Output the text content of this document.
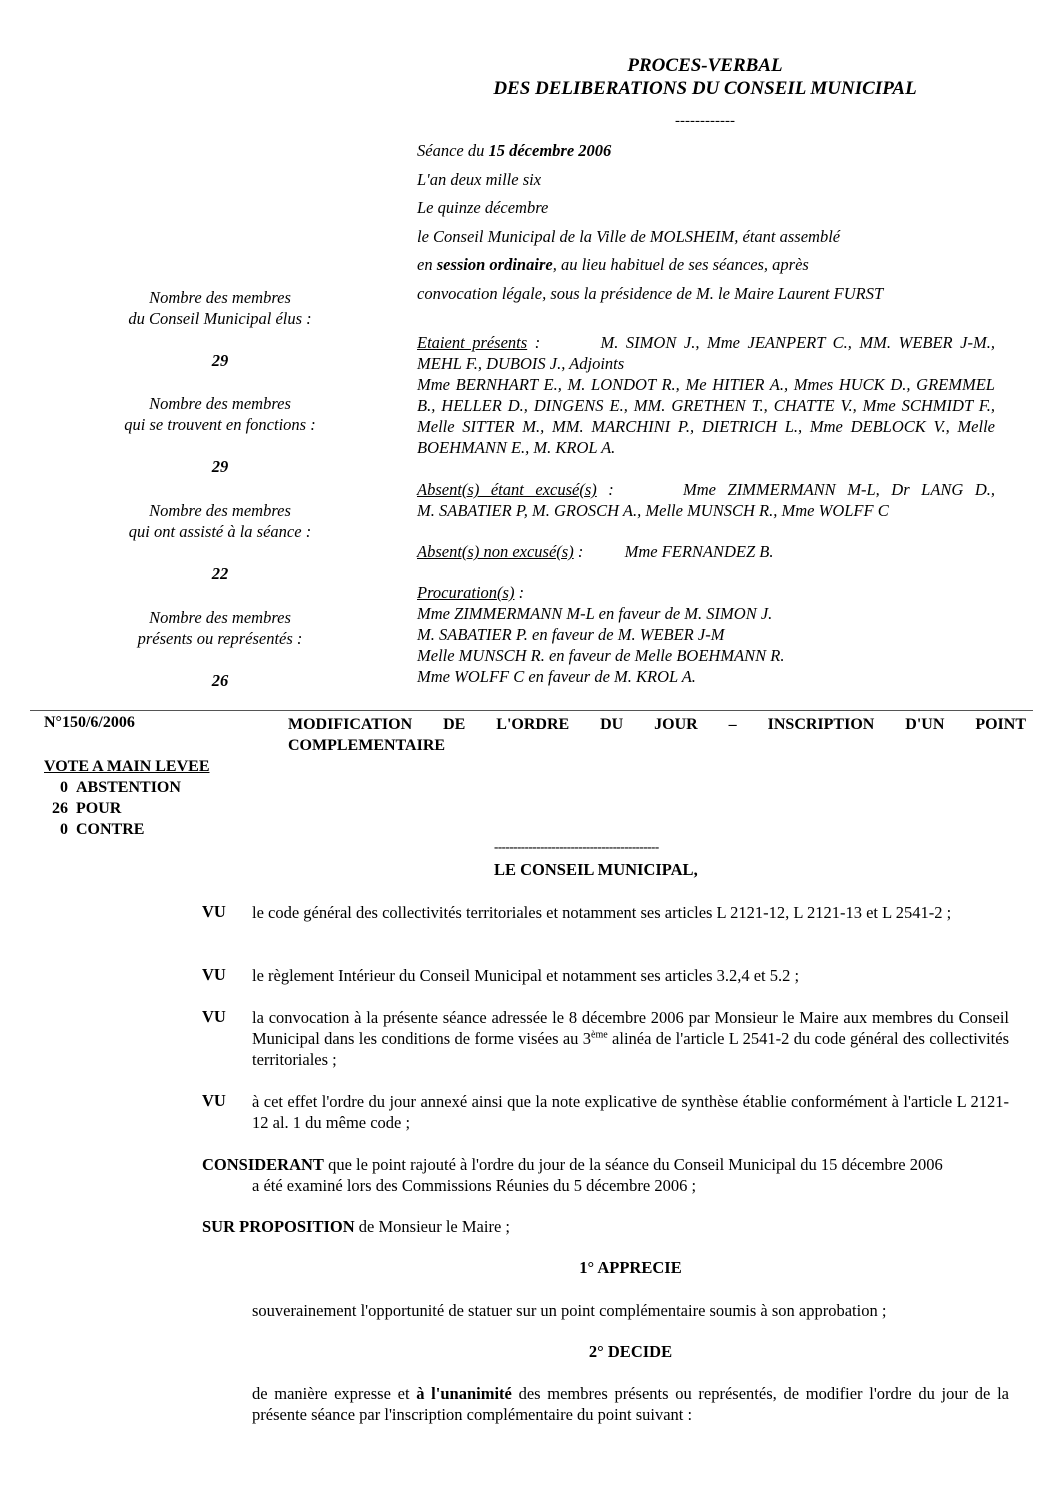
PROCES-VERBAL
DES DELIBERATIONS DU CONSEIL MUNICIPAL
------------
Séance du 15 décembre 2006
L'an deux mille six
Le quinze décembre
le Conseil Municipal de la Ville de MOLSHEIM, étant assemblé
en session ordinaire, au lieu habituel de ses séances, après
convocation légale, sous la présidence de M. le Maire Laurent FURST
Nombre des membres
du Conseil Municipal élus :
29
Nombre des membres
qui se trouvent en fonctions :
29
Nombre des membres
qui ont assisté à la séance :
22
Nombre des membres
présents ou représentés :
26

Etaient présents :	M. SIMON J., Mme JEANPERT C., MM. WEBER J-M.,

MEHL F., DUBOIS J., Adjoints

Mme BERNHART E., M. LONDOT R., Me HITIER A., Mmes HUCK D., GREMMEL B., HELLER D., DINGENS E., MM. GRETHEN T., CHATTE V., Mme SCHMIDT F., Melle SITTER M., MM. MARCHINI P., DIETRICH L., Mme DEBLOCK V., Melle BOEHMANN E., M. KROL A.

Absent(s) étant excusé(s) :	Mme ZIMMERMANN M-L, Dr LANG D.,

M. SABATIER P, M. GROSCH A., Melle MUNSCH R., Mme WOLFF C

Absent(s) non excusé(s) :	Mme FERNANDEZ B.

Procuration(s) :

Mme ZIMMERMANN M-L en faveur de M. SIMON J.

M. SABATIER P. en faveur de M. WEBER J-M

Melle MUNSCH R. en faveur de Melle BOEHMANN R.

Mme WOLFF C en faveur de M. KROL A.

N°150/6/2006	MODIFICATION DE L'ORDRE DU JOUR – INSCRIPTION D'UN POINT
COMPLEMENTAIRE
VOTE A MAIN LEVEE
0 ABSTENTION
26 POUR
0 CONTRE
-------------------------------------------
LE CONSEIL MUNICIPAL,
VU le code général des collectivités territoriales et notamment ses articles L 2121-12, L 2121-13 et L 2541-2 ;
VU le règlement Intérieur du Conseil Municipal et notamment ses articles 3.2,4 et 5.2 ;
VU la convocation à la présente séance adressée le 8 décembre 2006 par Monsieur le Maire aux membres du Conseil Municipal dans les conditions de forme visées au 3ème alinéa de l'article L 2541-2 du code général des collectivités territoriales ;
VU à cet effet l'ordre du jour annexé ainsi que la note explicative de synthèse établie conformément à l'article L 2121-12 al. 1 du même code ;
CONSIDERANT que le point rajouté à l'ordre du jour de la séance du Conseil Municipal du 15 décembre 2006
a été examiné lors des Commissions Réunies du 5 décembre 2006 ;
SUR PROPOSITION de Monsieur le Maire ;
1° APPRECIE
souverainement l'opportunité de statuer sur un point complémentaire soumis à son approbation ;
2° DECIDE
de manière expresse et à l'unanimité des membres présents ou représentés, de modifier l'ordre du jour de la présente séance par l'inscription complémentaire du point suivant :
